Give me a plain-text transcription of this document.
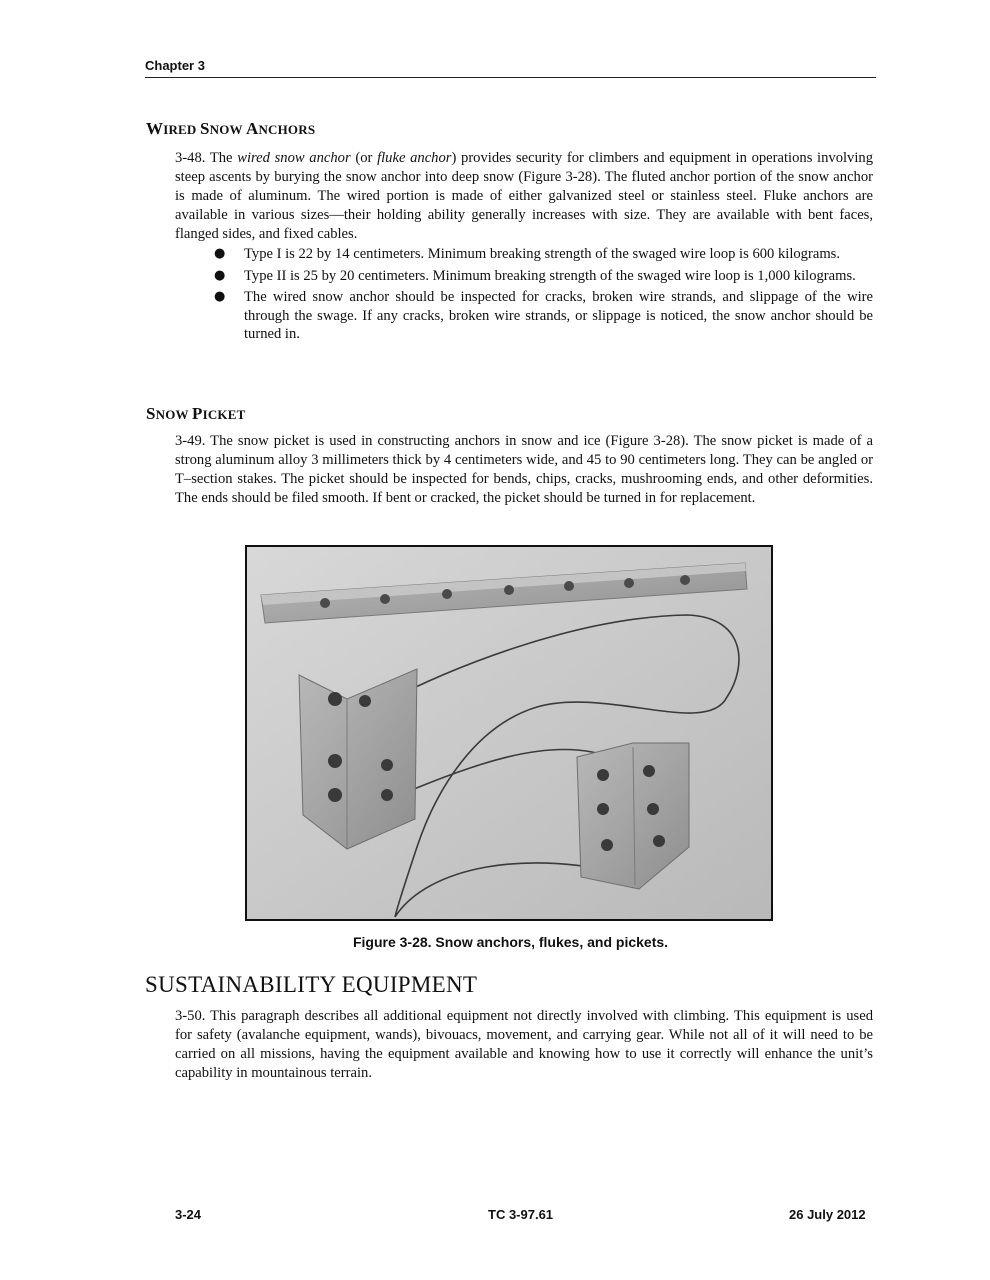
Chapter 3
WIRED SNOW ANCHORS

3-48. The wired snow anchor (or fluke anchor) provides security for climbers and equipment in operations involving steep ascents by burying the snow anchor into deep snow (Figure 3-28). The fluted anchor portion of the snow anchor is made of aluminum. The wired portion is made of either galvanized steel or stainless steel. Fluke anchors are available in various sizes—their holding ability generally increases with size. They are available with bent faces, flanged sides, and fixed cables.

● Type I is 22 by 14 centimeters. Minimum breaking strength of the swaged wire loop is 600 kilograms.
● Type II is 25 by 20 centimeters. Minimum breaking strength of the swaged wire loop is 1,000 kilograms.
● The wired snow anchor should be inspected for cracks, broken wire strands, and slippage of the wire through the swage. If any cracks, broken wire strands, or slippage is noticed, the snow anchor should be turned in.
SNOW PICKET

3-49. The snow picket is used in constructing anchors in snow and ice (Figure 3-28). The snow picket is made of a strong aluminum alloy 3 millimeters thick by 4 centimeters wide, and 45 to 90 centimeters long. They can be angled or T–section stakes. The picket should be inspected for bends, chips, cracks, mushrooming ends, and other deformities. The ends should be filed smooth. If bent or cracked, the picket should be turned in for replacement.

Figure 3-28. Snow anchors, flukes, and pickets.
SUSTAINABILITY EQUIPMENT

3-50. This paragraph describes all additional equipment not directly involved with climbing. This equipment is used for safety (avalanche equipment, wands), bivouacs, movement, and carrying gear. While not all of it will need to be carried on all missions, having the equipment available and knowing how to use it correctly will enhance the unit’s capability in mountainous terrain.

3-24	TC 3-97.61	26 July 2012
